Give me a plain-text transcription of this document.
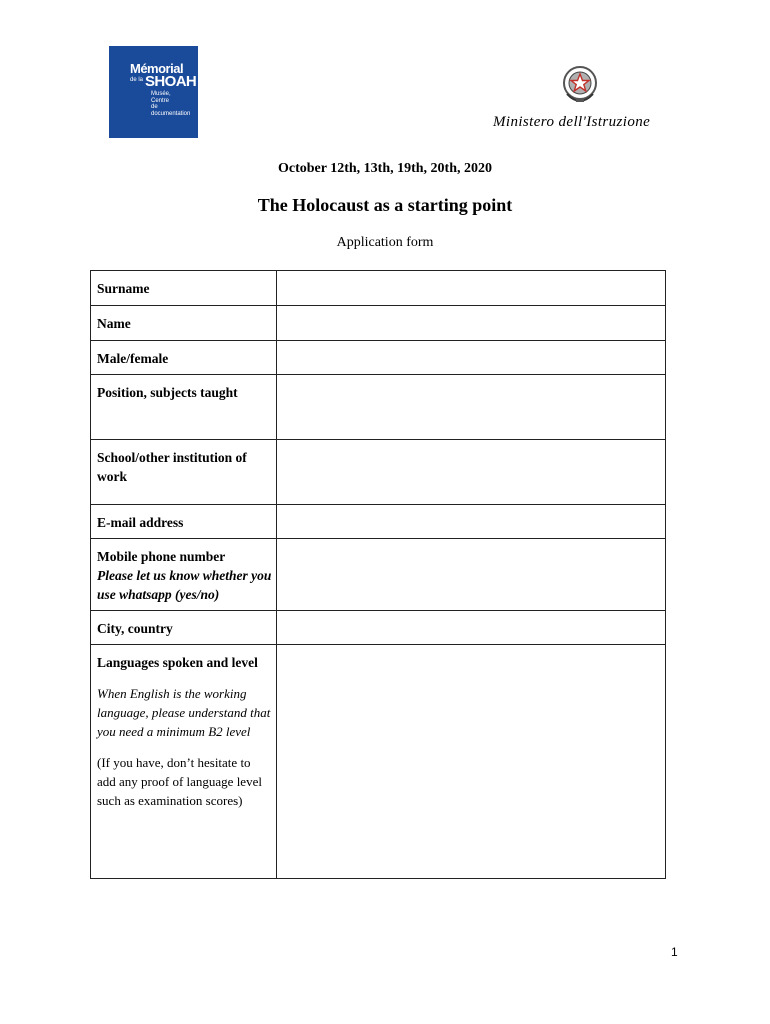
Mémorial
de la SHOAH
Musée,
Centre
de documentation
Ministero dell'Istruzione
October 12th, 13th, 19th, 20th, 2020
The Holocaust as a starting point
Application form
Surname	
Name	
Male/female	
Position, subjects taught	
School/other institution of work	
E-mail address	

Mobile phone number
Please let us know whether you use whatsapp (yes/no)	

City, country	

Languages spoken and level
When English is the working language, please understand that you need a minimum B2 level
(If you have, don’t hesitate to add any proof of language level such as examination scores)	

1
